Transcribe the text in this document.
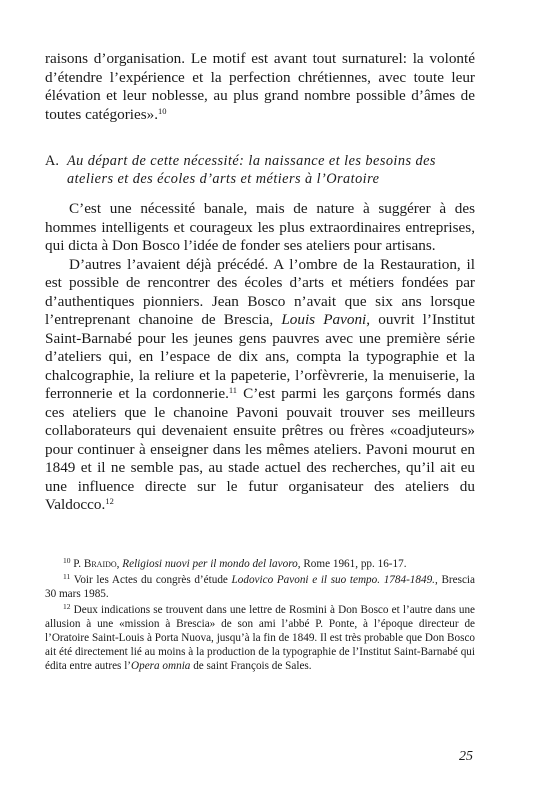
raisons d’organisation. Le motif est avant tout surnaturel: la volonté d’étendre l’expérience et la perfection chrétiennes, avec toute leur élévation et leur noblesse, au plus grand nombre possible d’âmes de toutes catégories».$^{10}$

A. Au départ de cette nécessité: la naissance et les besoins des ateliers et des écoles d’arts et métiers à l’Oratoire

C’est une nécessité banale, mais de nature à suggérer à des hommes intelligents et courageux les plus extraordinaires entreprises, qui dicta à Don Bosco l’idée de fonder ses ateliers pour artisans.

D’autres l’avaient déjà précédé. A l’ombre de la Restauration, il est possible de rencontrer des écoles d’arts et métiers fondées par d’authentiques pionniers. Jean Bosco n’avait que six ans lorsque l’entreprenant chanoine de Brescia, Louis Pavoni, ouvrit l’Institut Saint-Barnabé pour les jeunes gens pauvres avec une première série d’ateliers qui, en l’espace de dix ans, compta la typographie et la chalcographie, la reliure et la papeterie, l’orfèvrerie, la menuiserie, la ferronnerie et la cordonnerie.$^{11}$ C’est parmi les garçons formés dans ces ateliers que le chanoine Pavoni pouvait trouver ses meilleurs collaborateurs qui devenaient ensuite prêtres ou frères «coadjuteurs» pour continuer à enseigner dans les mêmes ateliers. Pavoni mourut en 1849 et il ne semble pas, au stade actuel des recherches, qu’il ait eu une influence directe sur le futur organisateur des ateliers du Valdocco.$^{12}$

$^{10}$ P. Braido, Religiosi nuovi per il mondo del lavoro, Rome 1961, pp. 16-17.

$^{11}$ Voir les Actes du congrès d’étude Lodovico Pavoni e il suo tempo. 1784-1849., Brescia 30 mars 1985.

$^{12}$ Deux indications se trouvent dans une lettre de Rosmini à Don Bosco et l’autre dans une allusion à une «mission à Brescia» de son ami l’abbé P. Ponte, à l’époque directeur de l’Oratoire Saint-Louis à Porta Nuova, jusqu’à la fin de 1849. Il est très probable que Don Bosco ait été directement lié au moins à la production de la typographie de l’Institut Saint-Barnabé qui édita entre autres l’Opera omnia de saint François de Sales.

25
